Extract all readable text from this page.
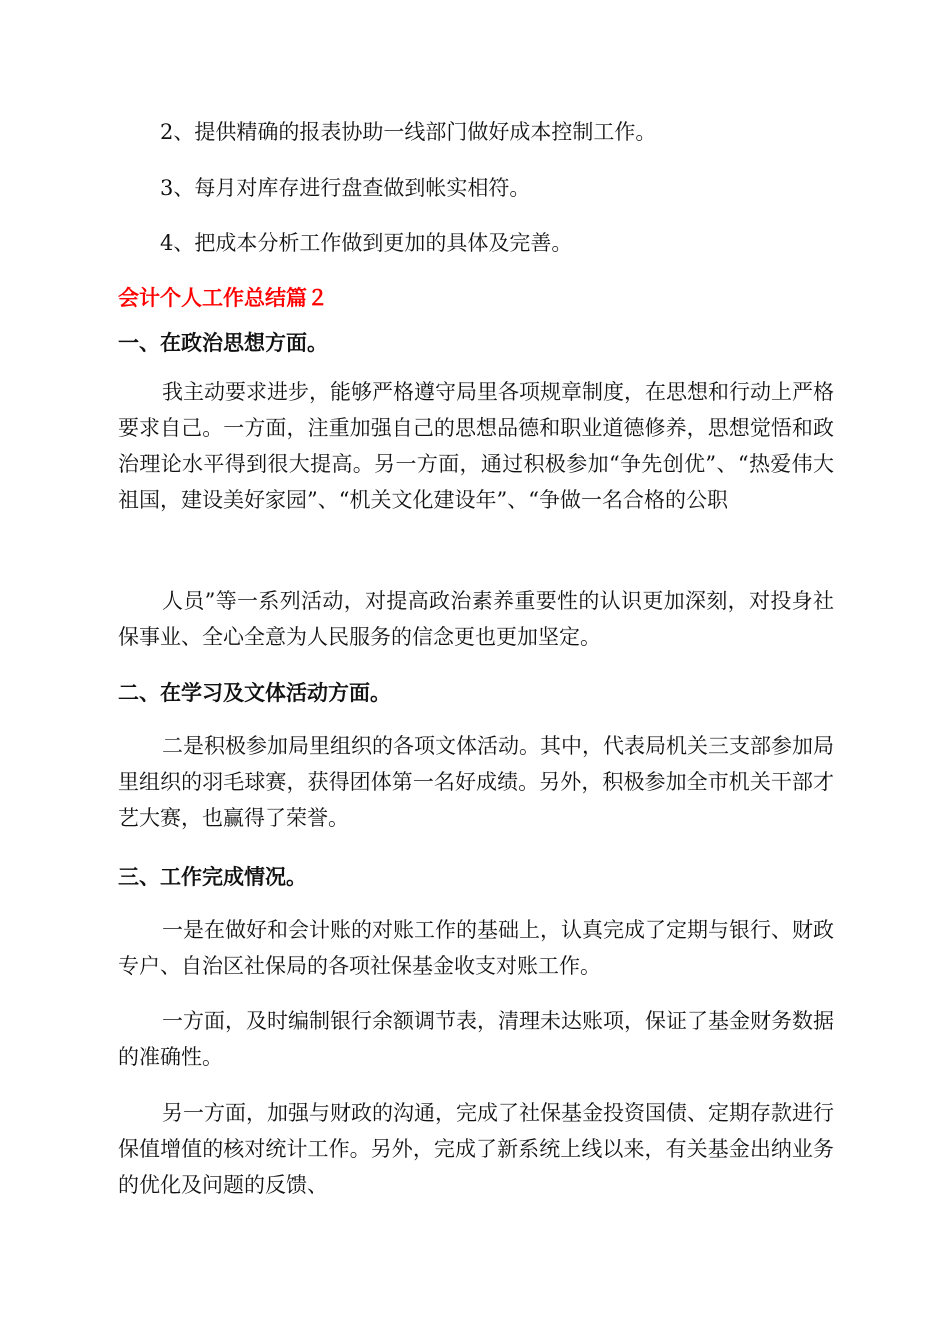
2、提供精确的报表协助一线部门做好成本控制工作。
3、每月对库存进行盘查做到帐实相符。
4、把成本分析工作做到更加的具体及完善。
会计个人工作总结篇２
一、在政治思想方面。

我主动要求进步，能够严格遵守局里各项规章制度，在思想和行动上严格要求自己。一方面，注重加强自己的思想品德和职业道德修养，思想觉悟和政治理论水平得到很大提高。另一方面，通过积极参加“争先创优”、“热爱伟大祖国，建设美好家园”、“机关文化建设年”、“争做一名合格的公职

人员”等一系列活动，对提高政治素养重要性的认识更加深刻，对投身社保事业、全心全意为人民服务的信念更也更加坚定。

二、在学习及文体活动方面。

二是积极参加局里组织的各项文体活动。其中，代表局机关三支部参加局里组织的羽毛球赛，获得团体第一名好成绩。另外，积极参加全市机关干部才艺大赛，也赢得了荣誉。

三、工作完成情况。

一是在做好和会计账的对账工作的基础上，认真完成了定期与银行、财政专户、自治区社保局的各项社保基金收支对账工作。

一方面，及时编制银行余额调节表，清理未达账项，保证了基金财务数据的准确性。

另一方面，加强与财政的沟通，完成了社保基金投资国债、定期存款进行保值增值的核对统计工作。另外，完成了新系统上线以来，有关基金出纳业务的优化及问题的反馈、
